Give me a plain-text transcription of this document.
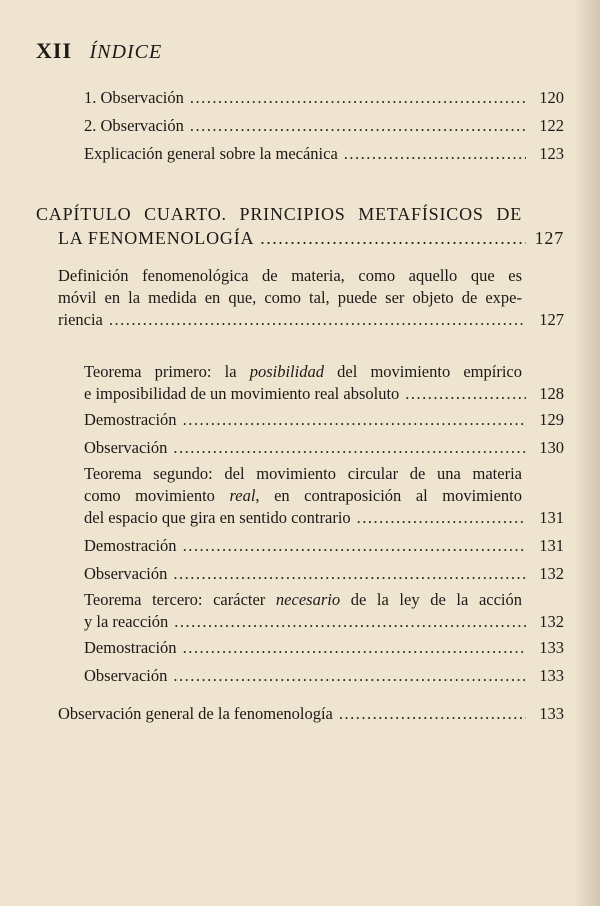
XII ÍNDICE
1. Observación .....	120
2. Observación .....	122
Explicación general sobre la mecánica .....	123
CAPÍTULO CUARTO. PRINCIPIOS METAFÍSICOS DE
LA FENOMENOLOGÍA .....	127
Definición fenomenológica de materia, como aquello que es
móvil en la medida en que, como tal, puede ser objeto de expe-
riencia .....	127
Teorema primero: la posibilidad del movimiento empírico
e imposibilidad de un movimiento real absoluto .....	128
Demostración .....	129
Observación .....	130
Teorema segundo: del movimiento circular de una materia
como movimiento real, en contraposición al movimiento
del espacio que gira en sentido contrario .....	131
Demostración .....	131
Observación .....	132
Teorema tercero: carácter necesario de la ley de la acción
y la reacción .....	132
Demostración .....	133
Observación .....	133
Observación general de la fenomenología .....	133
